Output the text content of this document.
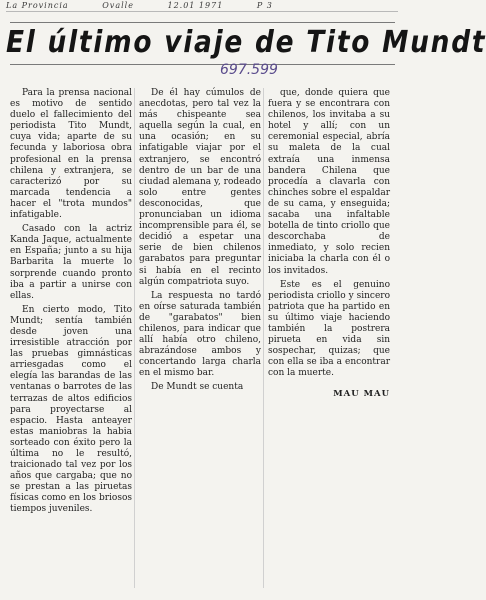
La Provincia	Ovalle	12.01 1971	P 3
El último viaje de Tito Mundt
697.599

Para la prensa nacional es motivo de sentido duelo el fallecimiento del periodista Tito Mundt, cuya vida; aparte de su fecunda y laboriosa obra profesional en la prensa chilena y extranjera, se caracterizó por su marcada tendencia a hacer el "trota mundos" infatigable.

Casado con la actriz Kanda Jaque, actualmente en España; junto a su hija Barbarita la muerte lo sorprende cuando pronto iba a partir a unirse con ellas.

En cierto modo, Tito Mundt; sentía también desde joven una irresistible atracción por las pruebas gimnásticas arriesgadas como el elegía las barandas de las ventanas o barrotes de las terrazas de altos edificios para proyectarse al espacio. Hasta anteayer estas maniobras la habia sorteado con éxito pero la última no le resultó, traicionado tal vez por los años que cargaba; que no se prestan a las piruetas físicas como en los briosos tiempos juveniles.

De él hay cúmulos de anecdotas, pero tal vez la más chispeante sea aquella según la cual, en una ocasión; en su infatigable viajar por el extranjero, se encontró dentro de un bar de una ciudad alemana y, rodeado solo entre gentes desconocidas, que pronunciaban un idioma incomprensible para él, se decidió a espetar una serie de bien chilenos garabatos para preguntar si había en el recinto algún compatriota suyo.

La respuesta no tardó en oírse saturada también de "garabatos" bien chilenos, para indicar que allí había otro chileno, abrazándose ambos y concertando larga charla en el mismo bar.

De Mundt se cuenta

que, donde quiera que fuera y se encontrara con chilenos, los invitaba a su hotel y allí; con un ceremonial especial, abría su maleta de la cual extraía una inmensa bandera Chilena que procedía a clavarla con chinches sobre el espaldar de su cama, y enseguida; sacaba una infaltable botella de tinto criollo que descorchaba de inmediato, y solo recien iniciaba la charla con él o los invitados.

Este es el genuino periodista criollo y sincero patriota que ha partido en su último viaje haciendo también la postrera pirueta en vida sin sospechar, quizas; que con ella se iba a encontrar con la muerte.

MAU MAU
